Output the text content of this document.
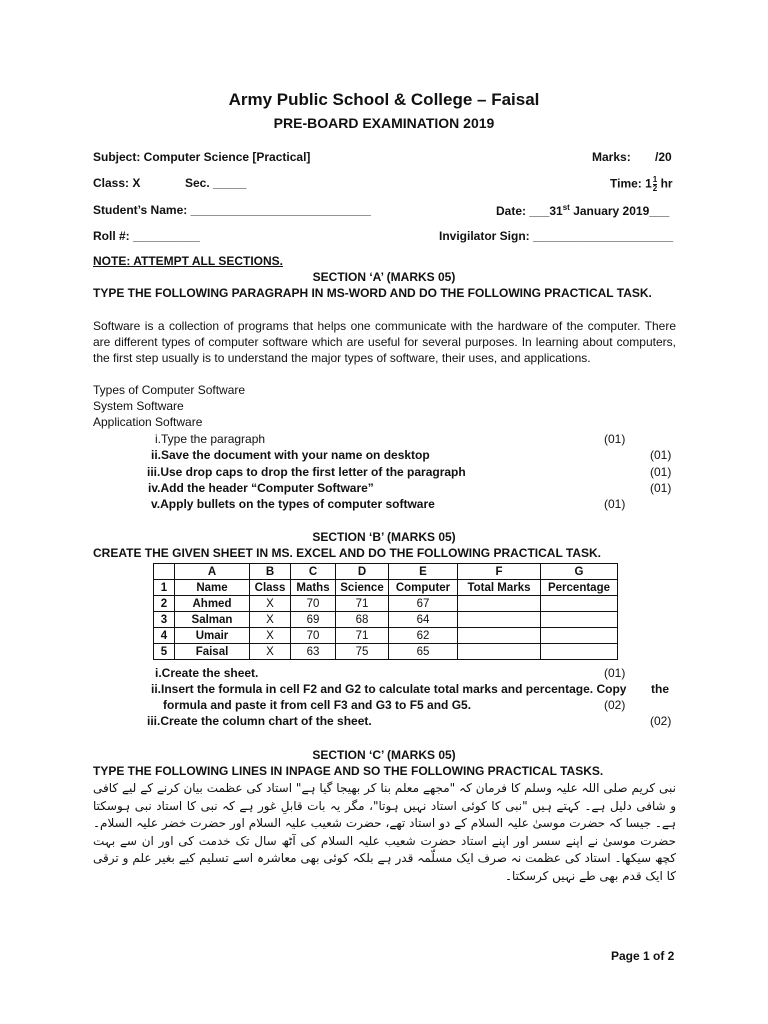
Army Public School & College – Faisal
PRE-BOARD EXAMINATION 2019
Subject: Computer Science [Practical]	Marks: /20
Class: X	Sec. _____	Time: $1 \frac{1}{2}$ hr
Student’s Name: ___________________________	Date: ___31st January 2019___
Roll #: __________	Invigilator Sign: _____________________
NOTE: ATTEMPT ALL SECTIONS.
SECTION ‘A’ (MARKS 05)
TYPE THE FOLLOWING PARAGRAPH IN MS-WORD AND DO THE FOLLOWING PRACTICAL TASK.
Software is a collection of programs that helps one communicate with the hardware of the computer. There are different types of computer software which are useful for several purposes. In learning about computers, the first step usually is to understand the major types of software, their uses, and applications.
Types of Computer Software
System Software
Application Software
i.Type the paragraph	(01)
ii.Save the document with your name on desktop	(01)
iii.Use drop caps to drop the first letter of the paragraph	(01)
iv.Add the header “Computer Software”	(01)
v.Apply bullets on the types of computer software	(01)
SECTION ‘B’ (MARKS 05)
CREATE THE GIVEN SHEET IN MS. EXCEL AND DO THE FOLLOWING PRACTICAL TASK.
	A	B	C	D	E	F	G
1	Name	Class	Maths	Science	Computer	Total Marks	Percentage
2	Ahmed	X	70	71	67		
3	Salman	X	69	68	64		
4	Umair	X	70	71	62		
5	Faisal	X	63	75	65		
i.Create the sheet.	(01)
ii.Insert the formula in cell F2 and G2 to calculate total marks and percentage. Copy the
formula and paste it from cell F3 and G3 to F5 and G5.	(02)
iii.Create the column chart of the sheet.	(02)
SECTION ‘C’ (MARKS 05)
TYPE THE FOLLOWING LINES IN INPAGE AND SO THE FOLLOWING PRACTICAL TASKS.
نبی کریم صلی اللہ علیہ وسلم کا فرمان کہ "مجھے معلم بنا کر بھیجا گیا ہے" استاد کی عظمت بیان کرنے کے لیے کافی و شافی دلیل ہے۔ کہتے ہیں "نبی کا کوئی استاد نہیں ہوتا"، مگر یہ بات قابلِ غور ہے کہ نبی کا استاد نبی ہوسکتا ہے۔ جیسا کہ حضرت موسیٰ علیہ السلام کے دو استاد تھے، حضرت شعیب علیہ السلام اور حضرت خضر علیہ السلام۔ حضرت موسیٰ نے اپنے سسر اور اپنے استاد حضرت شعیب علیہ السلام کی آٹھ سال تک خدمت کی اور ان سے بہت کچھ سیکھا۔ استاد کی عظمت نہ صرف ایک مسلّمہ قدر ہے بلکہ کوئی بھی معاشرہ اسے تسلیم کیے بغیر علم و ترقی کا ایک قدم بھی طے نہیں کرسکتا۔
Page 1 of 2
